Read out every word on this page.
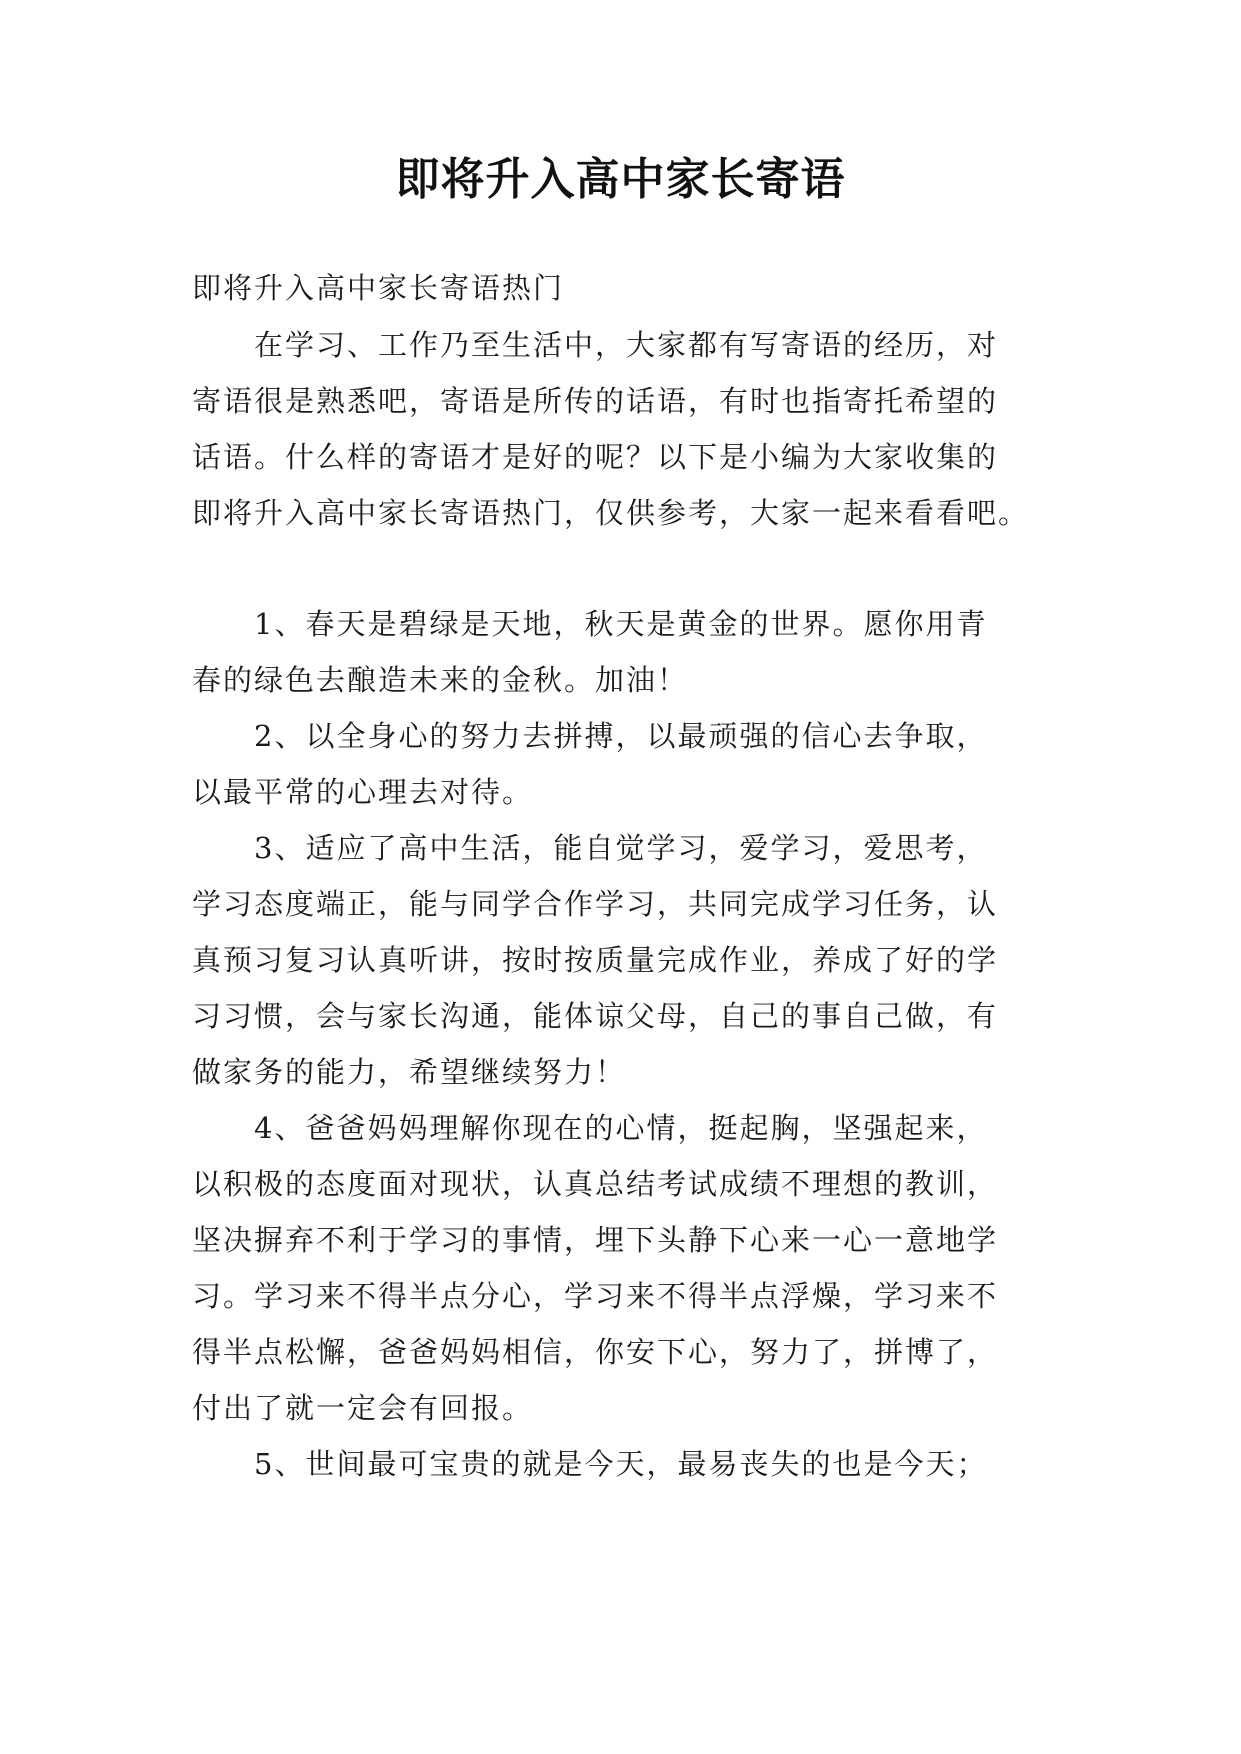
即将升入高中家长寄语
即将升入高中家长寄语热门
　　在学习、工作乃至生活中，大家都有写寄语的经历，对
寄语很是熟悉吧，寄语是所传的话语，有时也指寄托希望的
话语。什么样的寄语才是好的呢？以下是小编为大家收集的
即将升入高中家长寄语热门，仅供参考，大家一起来看看吧。
　　1、春天是碧绿是天地，秋天是黄金的世界。愿你用青
春的绿色去酿造未来的金秋。加油！
　　2、以全身心的努力去拼搏，以最顽强的信心去争取，
以最平常的心理去对待。
　　3、适应了高中生活，能自觉学习，爱学习，爱思考，
学习态度端正，能与同学合作学习，共同完成学习任务，认
真预习复习认真听讲，按时按质量完成作业，养成了好的学
习习惯，会与家长沟通，能体谅父母，自己的事自己做，有
做家务的能力，希望继续努力！
　　4、爸爸妈妈理解你现在的心情，挺起胸，坚强起来，
以积极的态度面对现状，认真总结考试成绩不理想的教训，
坚决摒弃不利于学习的事情，埋下头静下心来一心一意地学
习。学习来不得半点分心，学习来不得半点浮燥，学习来不
得半点松懈，爸爸妈妈相信，你安下心，努力了，拼博了，
付出了就一定会有回报。
　　5、世间最可宝贵的就是今天，最易丧失的也是今天；
